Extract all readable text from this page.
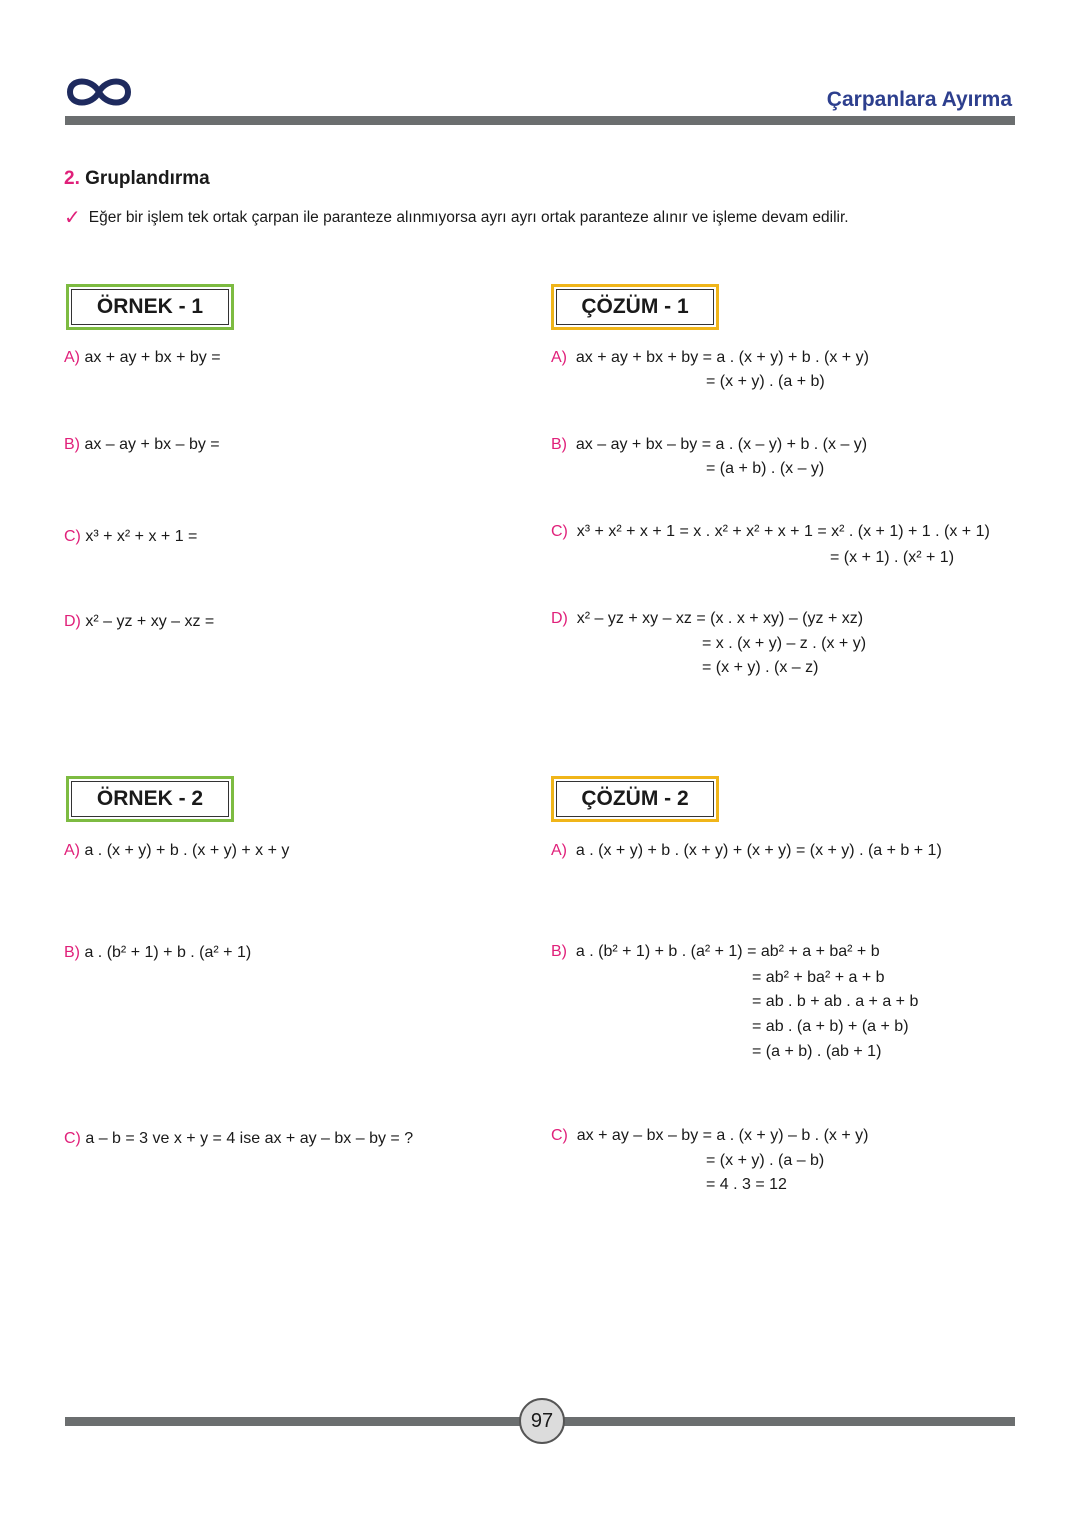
Çarpanlara Ayırma
2. Gruplandırma
✓ Eğer bir işlem tek ortak çarpan ile paranteze alınmıyorsa ayrı ayrı ortak paranteze alınır ve işleme devam edilir.
ÖRNEK - 1
A) ax + ay + bx + by =
B) ax – ay + bx – by =
C) x³ + x² + x + 1 =
D) x² – yz + xy – xz =
ÇÖZÜM - 1
A) ax + ay + bx + by = a . (x + y) + b . (x + y)
= (x + y) . (a + b)
B) ax – ay + bx – by = a . (x – y) + b . (x – y)
= (a + b) . (x – y)
C) x³ + x² + x + 1 = x . x² + x² + x + 1 = x² . (x + 1) + 1 . (x + 1)
= (x + 1) . (x² + 1)
D) x² – yz + xy – xz = (x . x + xy) – (yz + xz)
= x . (x + y) – z . (x + y)
= (x + y) . (x – z)
ÖRNEK - 2
A) a . (x + y) + b . (x + y) + x + y
B) a . (b² + 1) + b . (a² + 1)
C) a – b = 3 ve x + y = 4 ise ax + ay – bx – by = ?
ÇÖZÜM - 2
A) a . (x + y) + b . (x + y) + (x + y) = (x + y) . (a + b + 1)
B) a . (b² + 1) + b . (a² + 1) = ab² + a + ba² + b
= ab² + ba² + a + b
= ab . b + ab . a + a + b
= ab . (a + b) + (a + b)
= (a + b) . (ab + 1)
C) ax + ay – bx – by = a . (x + y) – b . (x + y)
= (x + y) . (a – b)
= 4 . 3 = 12
97
